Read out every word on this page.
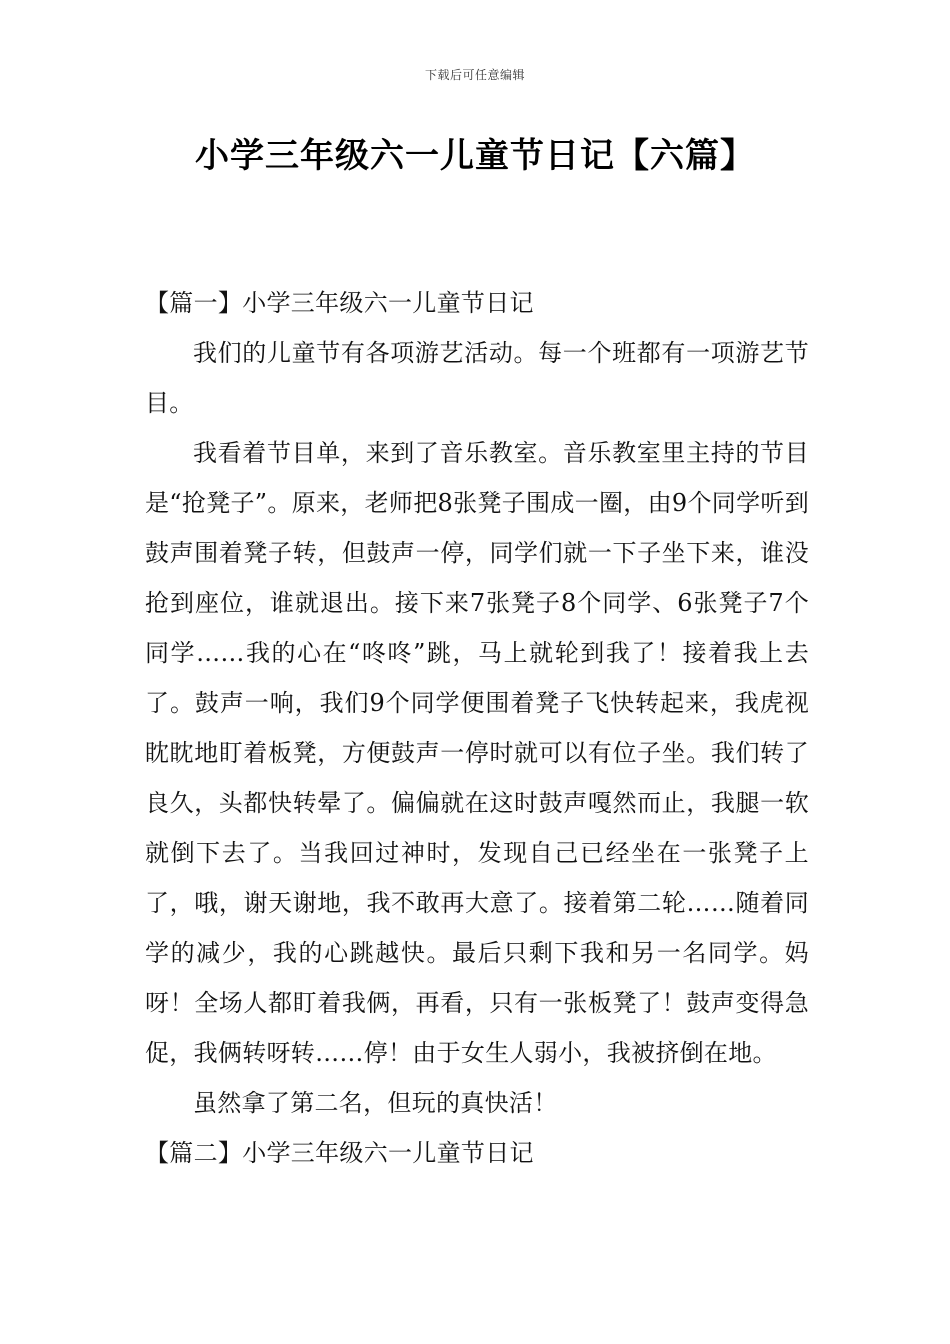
下载后可任意编辑
小学三年级六一儿童节日记【六篇】

【篇一】小学三年级六一儿童节日记

我们的儿童节有各项游艺活动。每一个班都有一项游艺节目。

我看着节目单，来到了音乐教室。音乐教室里主持的节目是“抢凳子”。原来，老师把8张凳子围成一圈，由9个同学听到鼓声围着凳子转，但鼓声一停，同学们就一下子坐下来，谁没抢到座位，谁就退出。接下来7张凳子8个同学、6张凳子7个同学……我的心在“咚咚”跳，马上就轮到我了！接着我上去了。鼓声一响，我们9个同学便围着凳子飞快转起来，我虎视眈眈地盯着板凳，方便鼓声一停时就可以有位子坐。我们转了良久，头都快转晕了。偏偏就在这时鼓声嘎然而止，我腿一软就倒下去了。当我回过神时，发现自己已经坐在一张凳子上了，哦，谢天谢地，我不敢再大意了。接着第二轮……随着同学的减少，我的心跳越快。最后只剩下我和另一名同学。妈呀！全场人都盯着我俩，再看，只有一张板凳了！鼓声变得急促，我俩转呀转……停！由于女生人弱小，我被挤倒在地。

虽然拿了第二名，但玩的真快活！

【篇二】小学三年级六一儿童节日记
